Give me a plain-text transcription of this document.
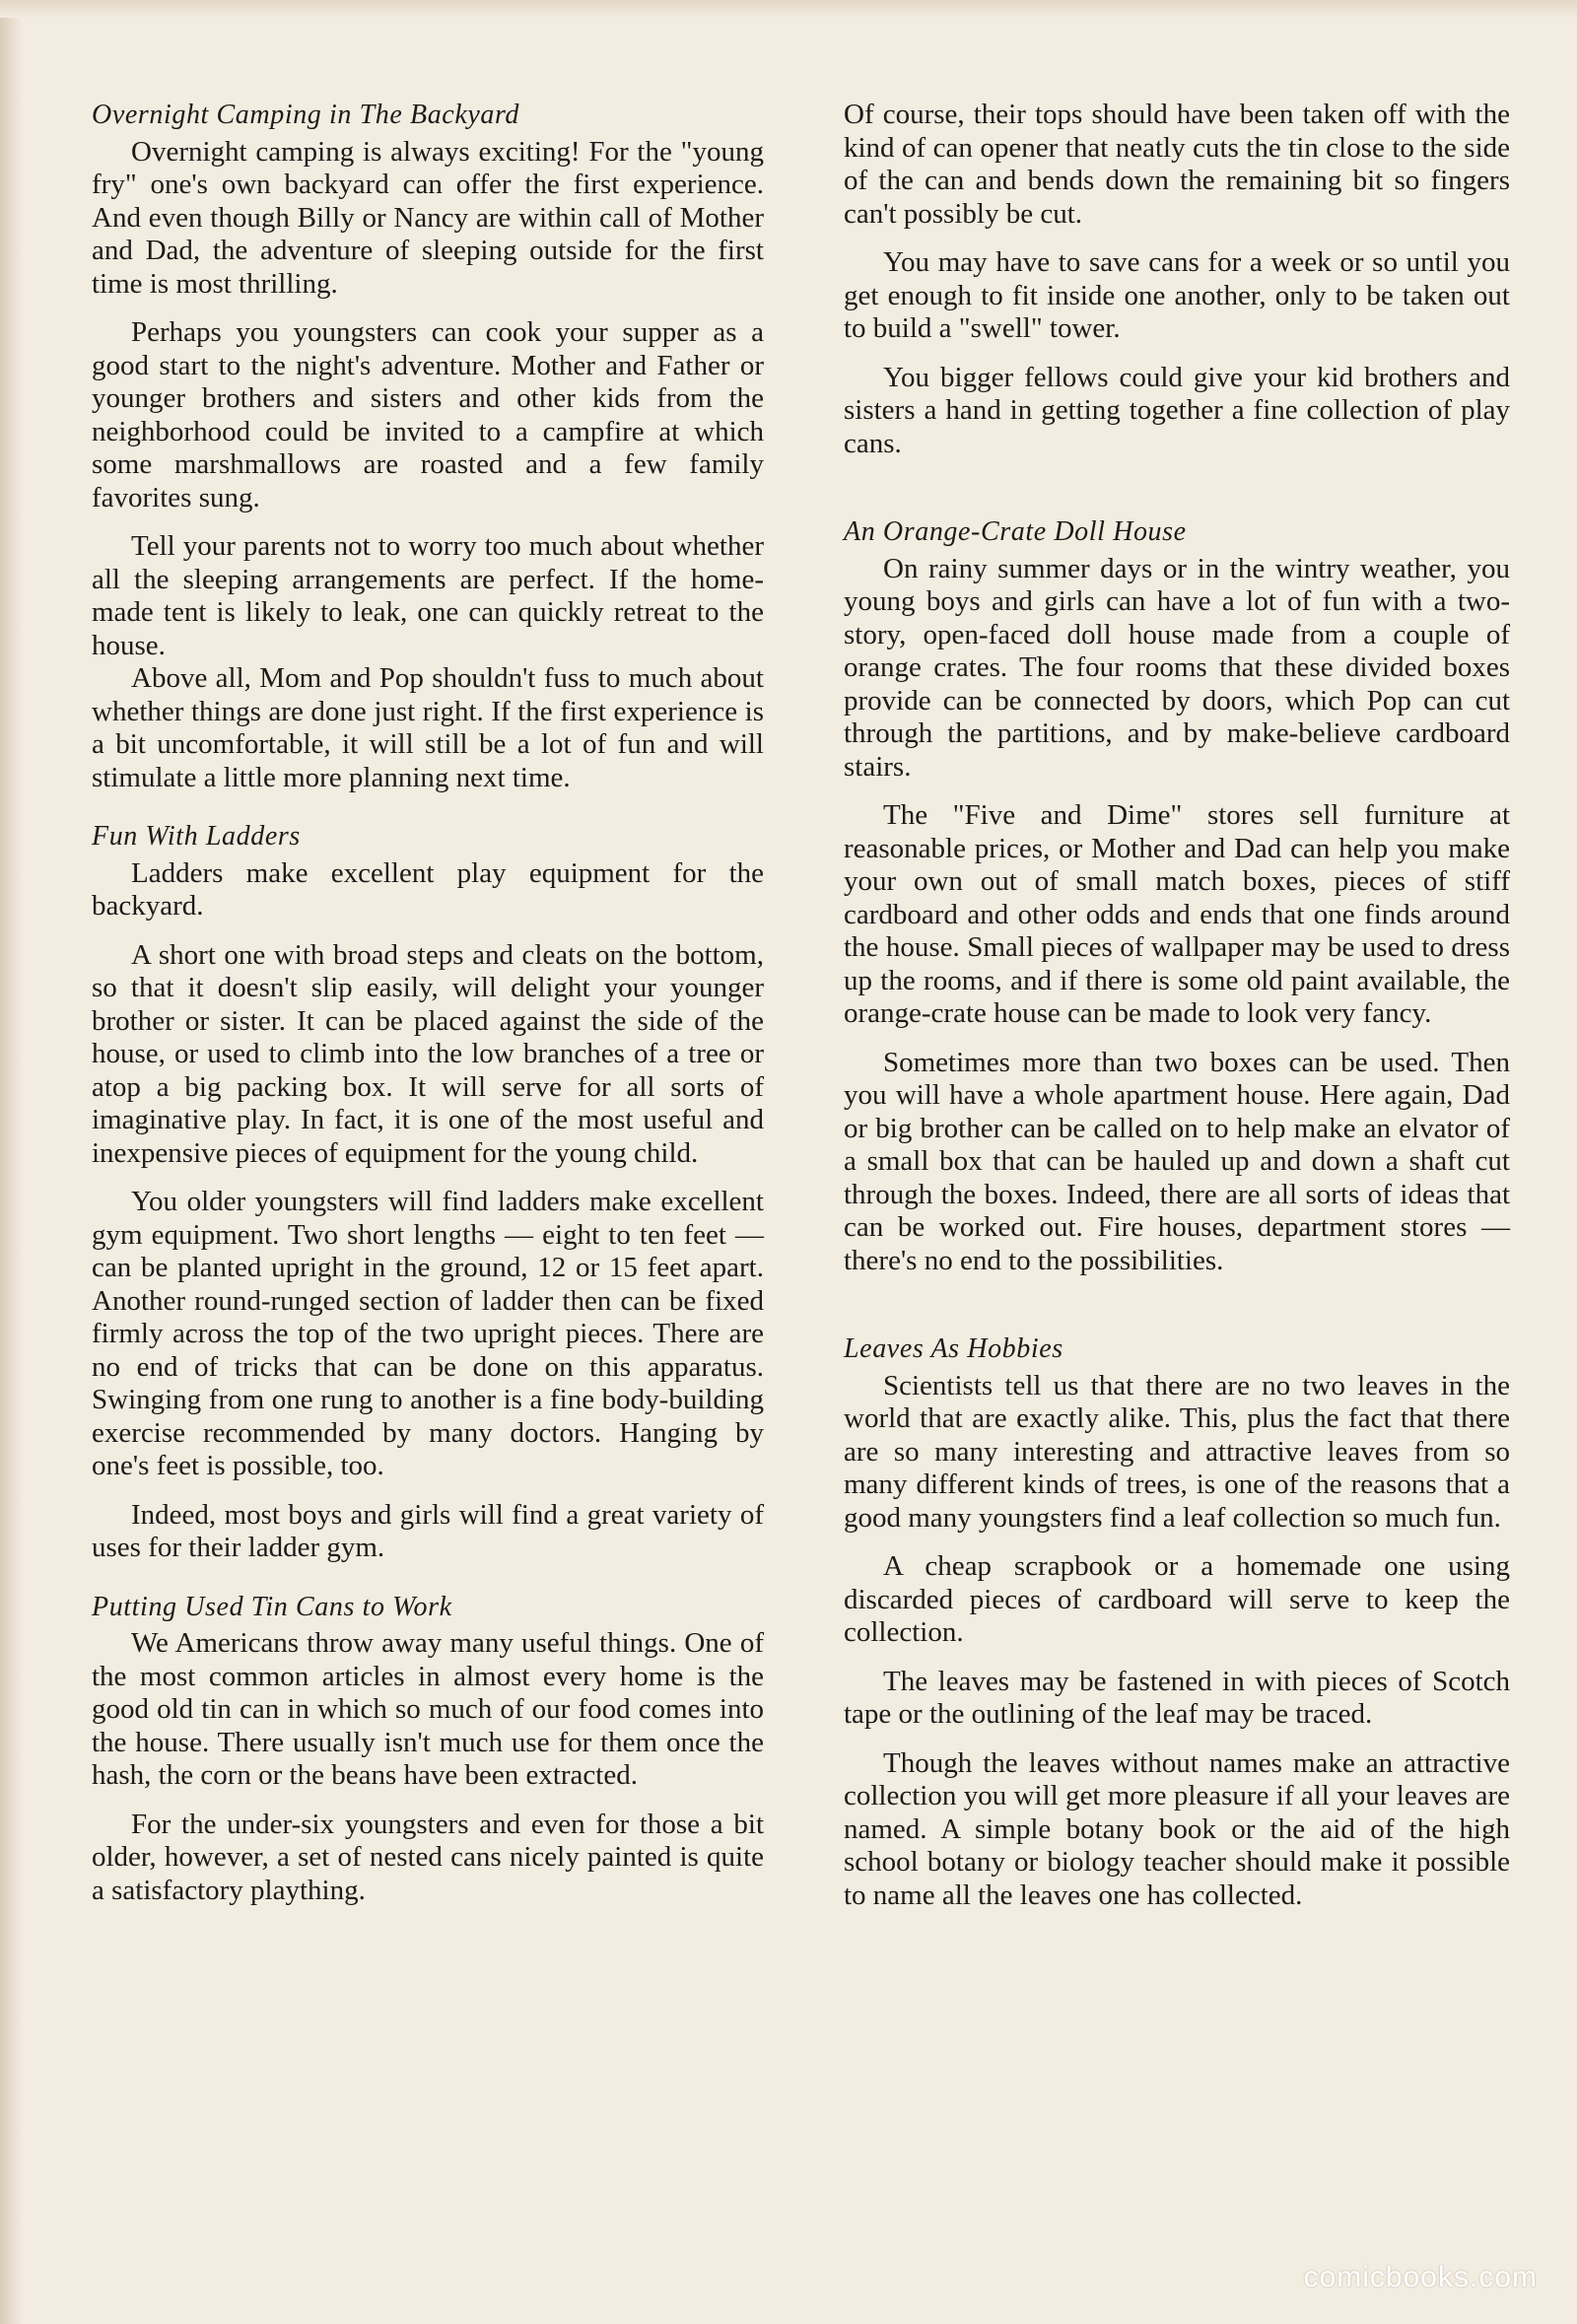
Overnight Camping in The Backyard

Overnight camping is always exciting! For the "young fry" one's own backyard can offer the first experience. And even though Billy or Nancy are within call of Mother and Dad, the adventure of sleeping outside for the first time is most thrilling.

Perhaps you youngsters can cook your supper as a good start to the night's adventure. Mother and Father or younger brothers and sisters and other kids from the neighborhood could be invited to a campfire at which some marshmallows are roasted and a few family favorites sung.

Tell your parents not to worry too much about whether all the sleeping arrangements are perfect. If the home-made tent is likely to leak, one can quickly retreat to the house.

Above all, Mom and Pop shouldn't fuss to much about whether things are done just right. If the first experience is a bit uncomfortable, it will still be a lot of fun and will stimulate a little more planning next time.

Fun With Ladders

Ladders make excellent play equipment for the backyard.

A short one with broad steps and cleats on the bottom, so that it doesn't slip easily, will delight your younger brother or sister. It can be placed against the side of the house, or used to climb into the low branches of a tree or atop a big packing box. It will serve for all sorts of imaginative play. In fact, it is one of the most useful and inexpensive pieces of equipment for the young child.

You older youngsters will find ladders make excellent gym equipment. Two short lengths — eight to ten feet — can be planted upright in the ground, 12 or 15 feet apart. Another round-runged section of ladder then can be fixed firmly across the top of the two upright pieces. There are no end of tricks that can be done on this apparatus. Swinging from one rung to another is a fine body-building exercise recommended by many doctors. Hanging by one's feet is possible, too.

Indeed, most boys and girls will find a great variety of uses for their ladder gym.

Putting Used Tin Cans to Work

We Americans throw away many useful things. One of the most common articles in almost every home is the good old tin can in which so much of our food comes into the house. There usually isn't much use for them once the hash, the corn or the beans have been extracted.

For the under-six youngsters and even for those a bit older, however, a set of nested cans nicely painted is quite a satisfactory plaything.

Of course, their tops should have been taken off with the kind of can opener that neatly cuts the tin close to the side of the can and bends down the remaining bit so fingers can't possibly be cut.

You may have to save cans for a week or so until you get enough to fit inside one another, only to be taken out to build a "swell" tower.

You bigger fellows could give your kid brothers and sisters a hand in getting together a fine collection of play cans.

An Orange-Crate Doll House

On rainy summer days or in the wintry weather, you young boys and girls can have a lot of fun with a two-story, open-faced doll house made from a couple of orange crates. The four rooms that these divided boxes provide can be connected by doors, which Pop can cut through the partitions, and by make-believe cardboard stairs.

The "Five and Dime" stores sell furniture at reasonable prices, or Mother and Dad can help you make your own out of small match boxes, pieces of stiff cardboard and other odds and ends that one finds around the house. Small pieces of wallpaper may be used to dress up the rooms, and if there is some old paint available, the orange-crate house can be made to look very fancy.

Sometimes more than two boxes can be used. Then you will have a whole apartment house. Here again, Dad or big brother can be called on to help make an elvator of a small box that can be hauled up and down a shaft cut through the boxes. Indeed, there are all sorts of ideas that can be worked out. Fire houses, department stores — there's no end to the possibilities.

Leaves As Hobbies

Scientists tell us that there are no two leaves in the world that are exactly alike. This, plus the fact that there are so many interesting and attractive leaves from so many different kinds of trees, is one of the reasons that a good many youngsters find a leaf collection so much fun.

A cheap scrapbook or a homemade one using discarded pieces of cardboard will serve to keep the collection.

The leaves may be fastened in with pieces of Scotch tape or the outlining of the leaf may be traced.

Though the leaves without names make an attractive collection you will get more pleasure if all your leaves are named. A simple botany book or the aid of the high school botany or biology teacher should make it possible to name all the leaves one has collected.

comicbooks.com
